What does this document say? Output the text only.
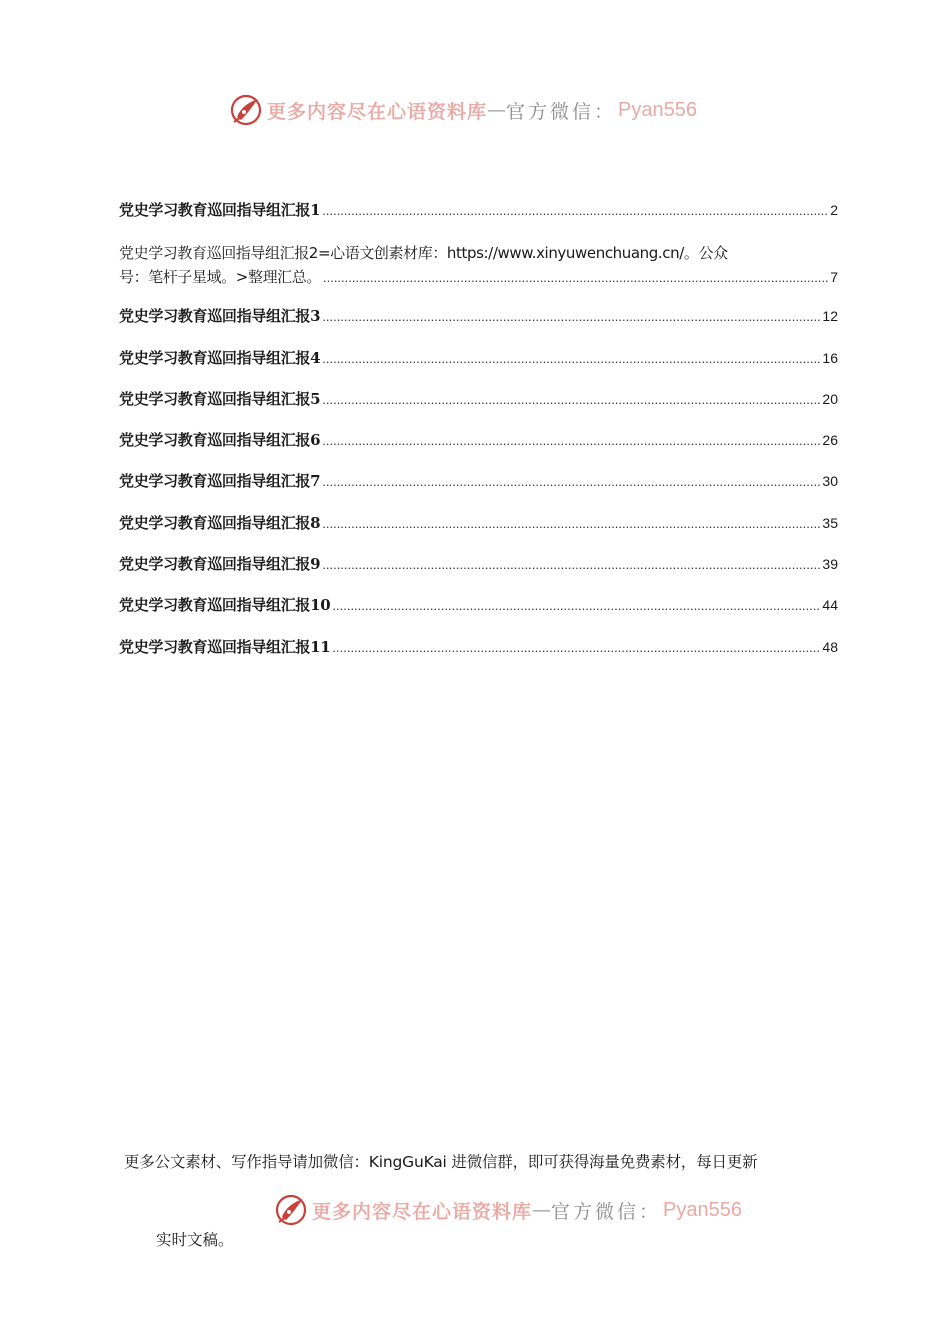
更多内容尽在心语资料库 — 官方微信： Pyan556
党史学习教育巡回指导组汇报1 .....	2
党史学习教育巡回指导组汇报2=心语文创素材库：https://www.xinyuwenchuang.cn/。公众
号：笔杆子星域。>整理汇总。 .....	7
党史学习教育巡回指导组汇报3 .....	12
党史学习教育巡回指导组汇报4 .....	16
党史学习教育巡回指导组汇报5 .....	20
党史学习教育巡回指导组汇报6 .....	26
党史学习教育巡回指导组汇报7 .....	30
党史学习教育巡回指导组汇报8 .....	35
党史学习教育巡回指导组汇报9 .....	39
党史学习教育巡回指导组汇报10 .....	44
党史学习教育巡回指导组汇报11 .....	48
更多公文素材、写作指导请加微信：KingGuKai 进微信群，即可获得海量免费素材，每日更新
更多内容尽在心语资料库 — 官方微信： Pyan556
实时文稿。
